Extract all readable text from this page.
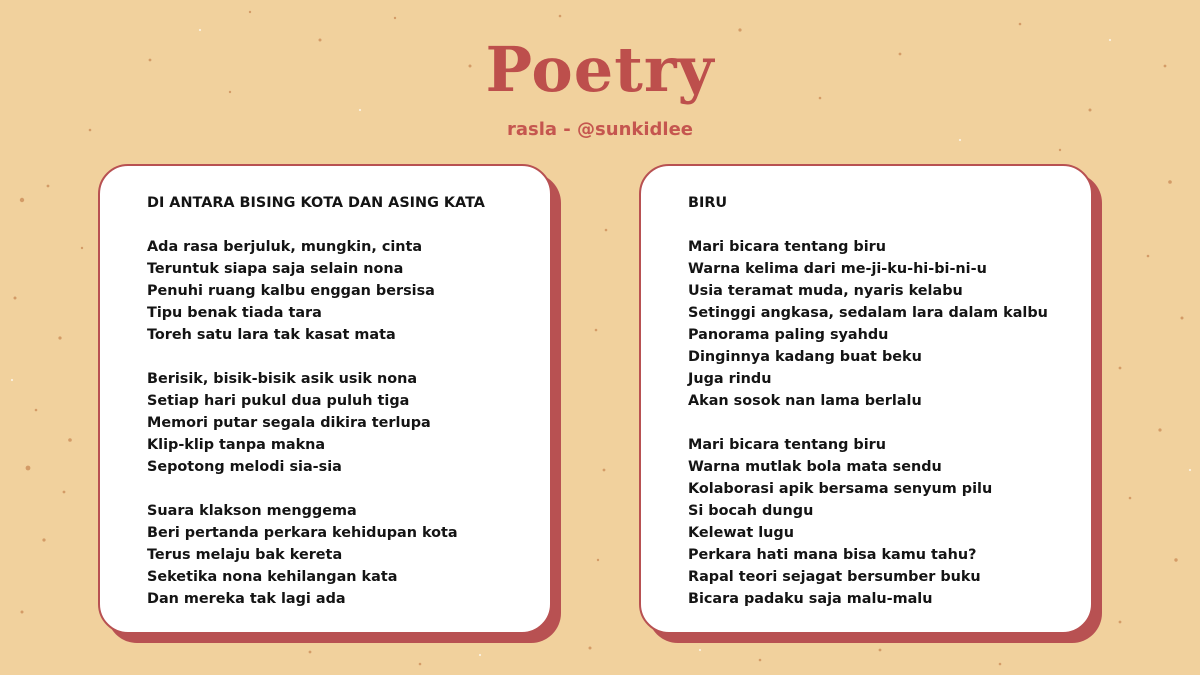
Poetry
rasla - @sunkidlee
DI ANTARA BISING KOTA DAN ASING KATA
Ada rasa berjuluk, mungkin, cinta
Teruntuk siapa saja selain nona
Penuhi ruang kalbu enggan bersisa
Tipu benak tiada tara
Toreh satu lara tak kasat mata
Berisik, bisik-bisik asik usik nona
Setiap hari pukul dua puluh tiga
Memori putar segala dikira terlupa
Klip-klip tanpa makna
Sepotong melodi sia-sia
Suara klakson menggema
Beri pertanda perkara kehidupan kota
Terus melaju bak kereta
Seketika nona kehilangan kata
Dan mereka tak lagi ada
BIRU
Mari bicara tentang biru
Warna kelima dari me-ji-ku-hi-bi-ni-u
Usia teramat muda, nyaris kelabu
Setinggi angkasa, sedalam lara dalam kalbu
Panorama paling syahdu
Dinginnya kadang buat beku
Juga rindu
Akan sosok nan lama berlalu
Mari bicara tentang biru
Warna mutlak bola mata sendu
Kolaborasi apik bersama senyum pilu
Si bocah dungu
Kelewat lugu
Perkara hati mana bisa kamu tahu?
Rapal teori sejagat bersumber buku
Bicara padaku saja malu-malu
